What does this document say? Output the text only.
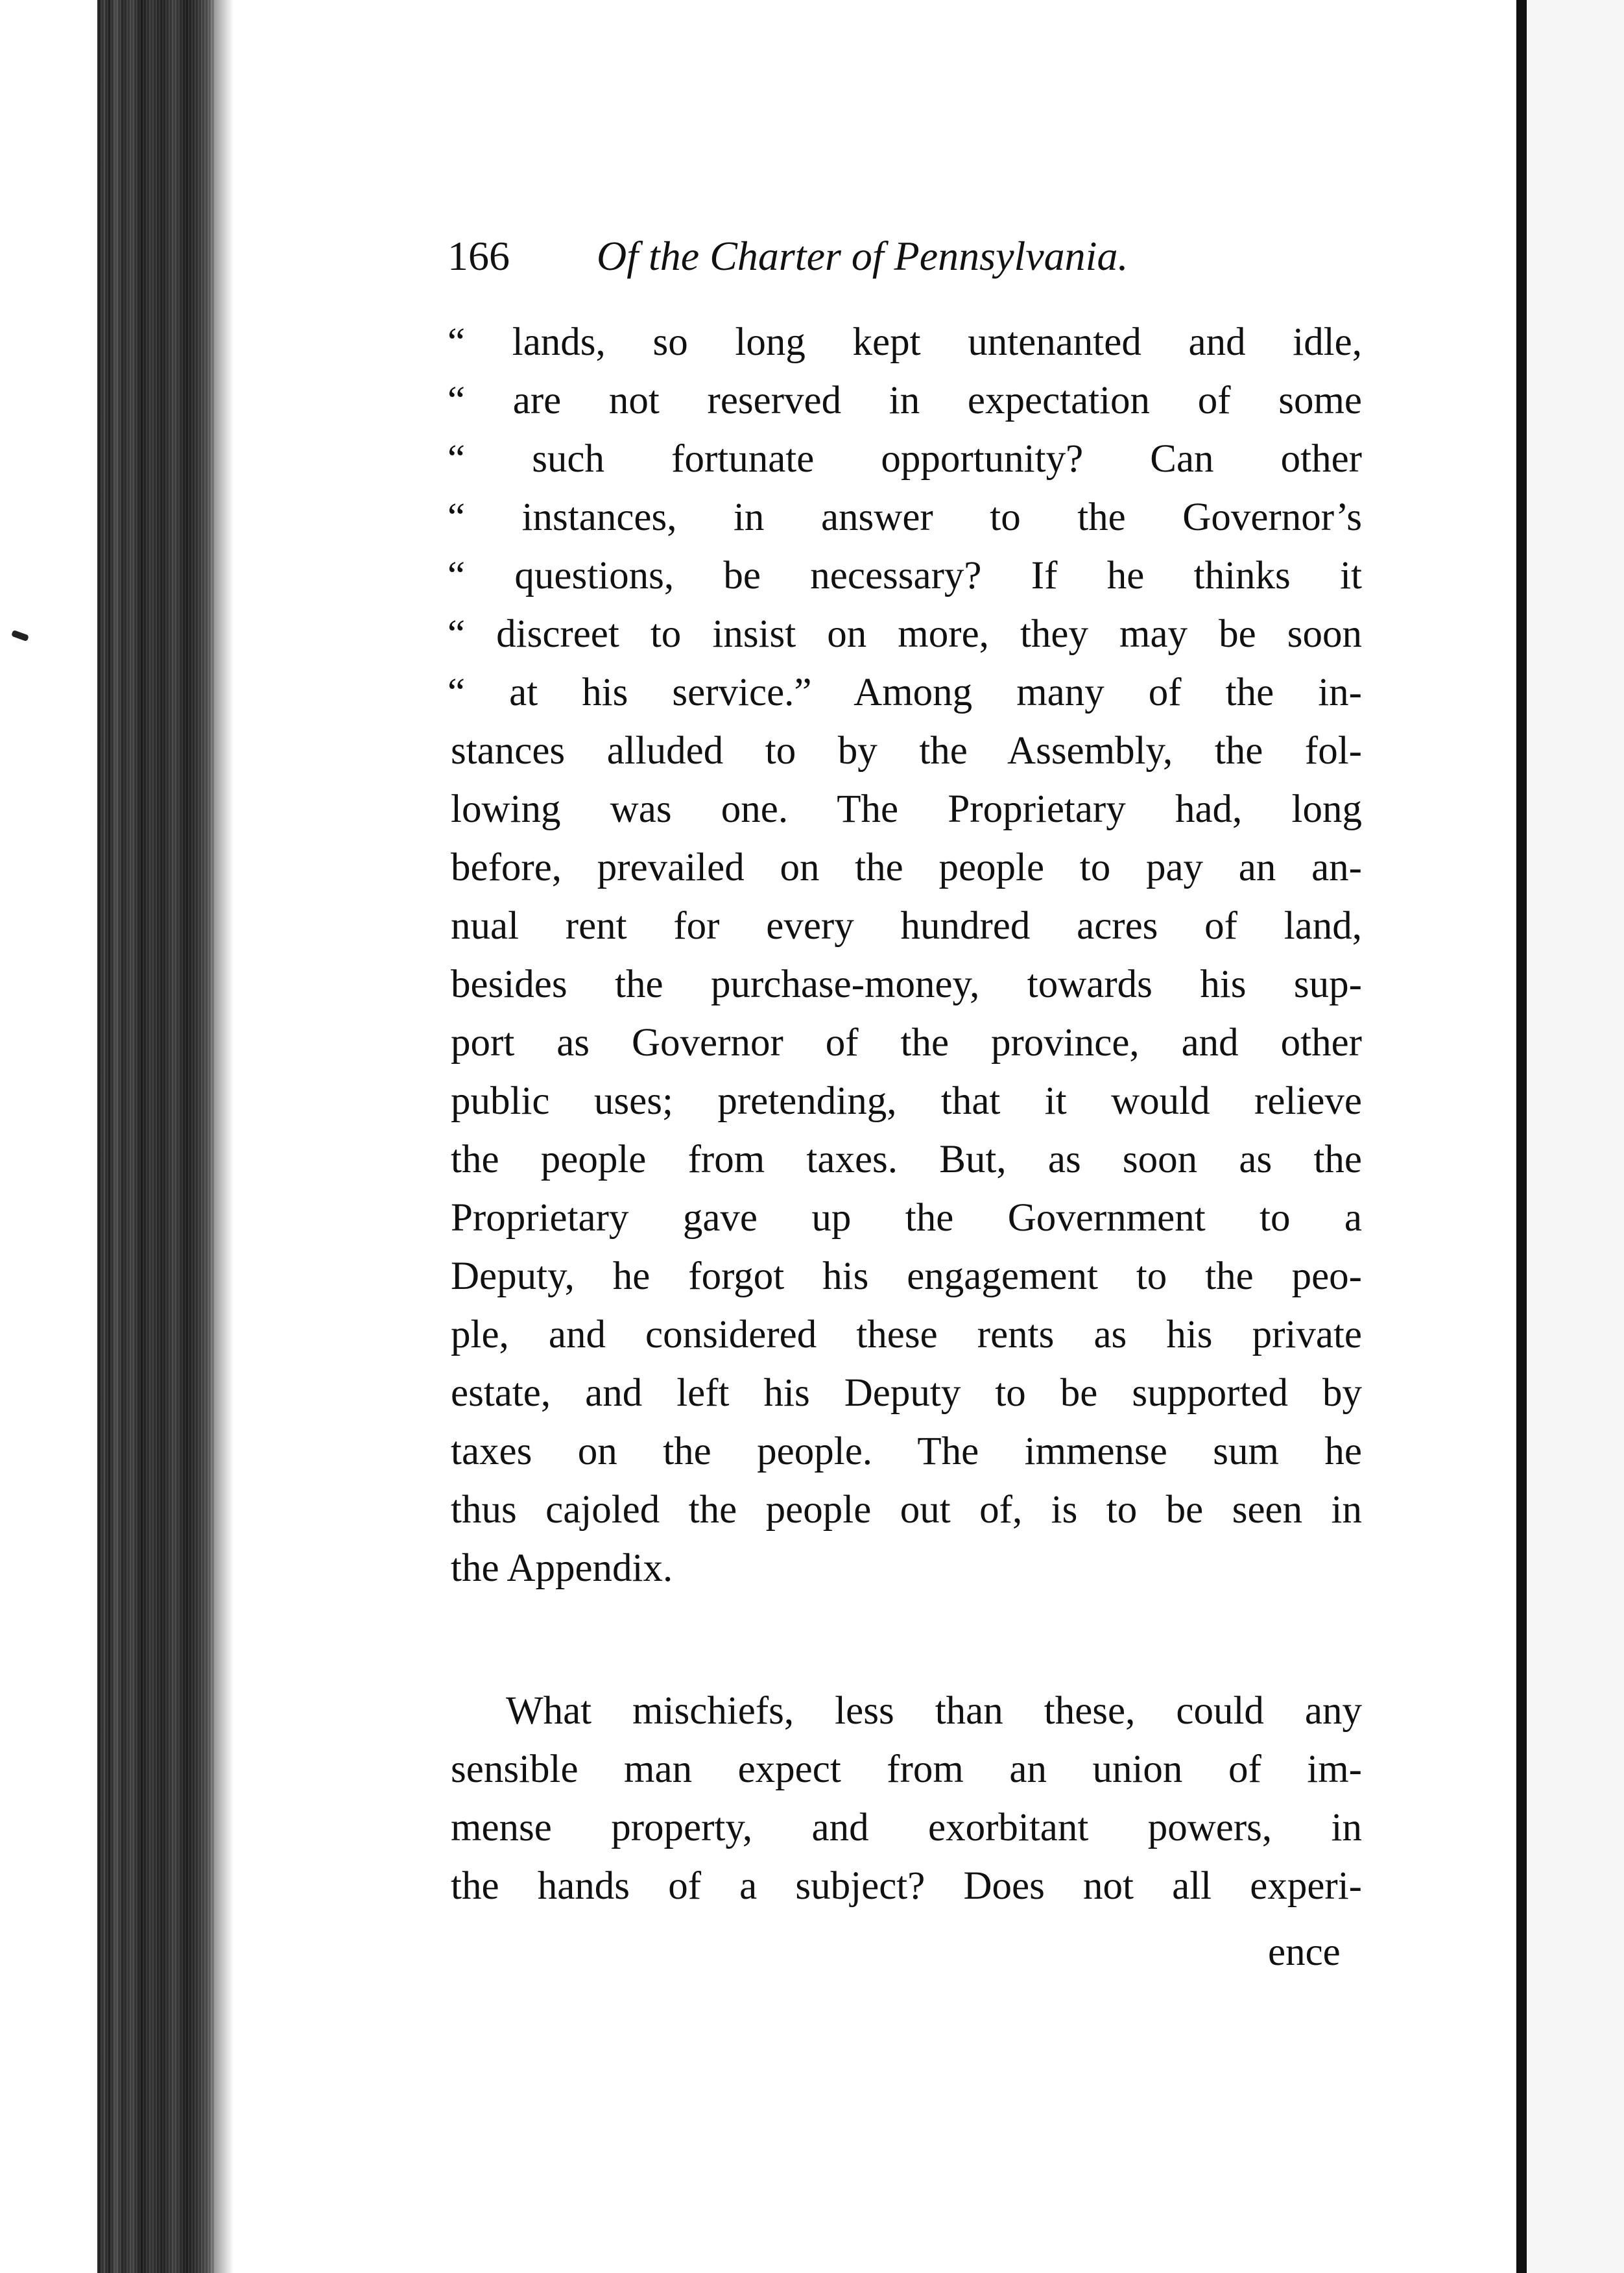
166 Of the Charter of Pennsylvania.
“ lands, so long kept untenanted and idle,
“ are not reserved in expectation of some
“ such fortunate opportunity? Can other
“ instances, in answer to the Governor’s
“ questions, be necessary? If he thinks it
“ discreet to insist on more, they may be soon
“ at his service.” Among many of the in-
stances alluded to by the Assembly, the fol-
lowing was one. The Proprietary had, long
before, prevailed on the people to pay an an-
nual rent for every hundred acres of land,
besides the purchase-money, towards his sup-
port as Governor of the province, and other
public uses; pretending, that it would relieve
the people from taxes. But, as soon as the
Proprietary gave up the Government to a
Deputy, he forgot his engagement to the peo-
ple, and considered these rents as his private
estate, and left his Deputy to be supported by
taxes on the people. The immense sum he
thus cajoled the people out of, is to be seen in
the Appendix.
What mischiefs, less than these, could any
sensible man expect from an union of im-
mense property, and exorbitant powers, in
the hands of a subject? Does not all experi-
ence
